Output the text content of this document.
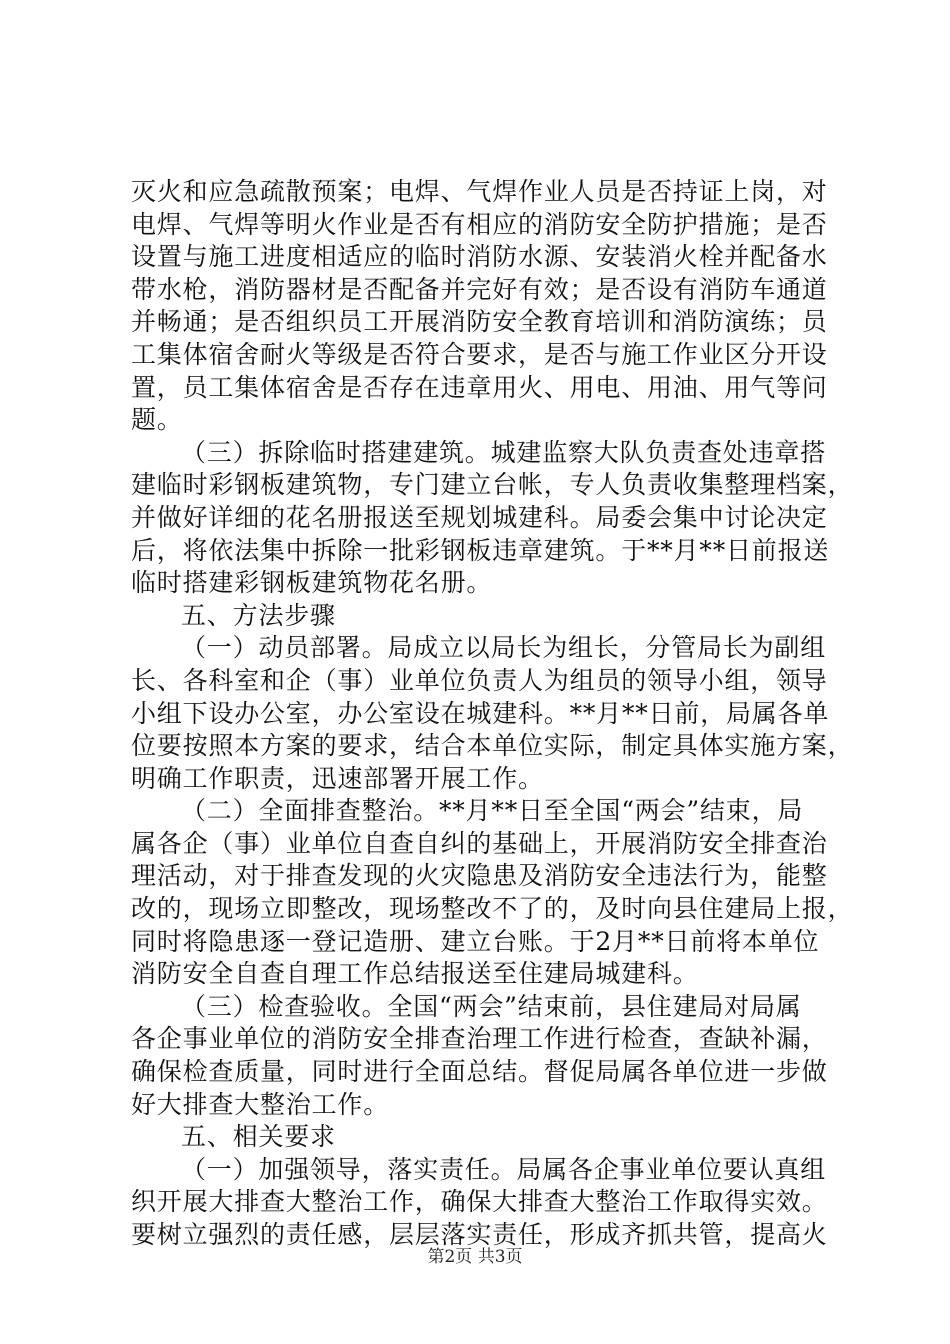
灭火和应急疏散预案；电焊、气焊作业人员是否持证上岗，对
电焊、气焊等明火作业是否有相应的消防安全防护措施；是否
设置与施工进度相适应的临时消防水源、安装消火栓并配备水
带水枪，消防器材是否配备并完好有效；是否设有消防车通道
并畅通；是否组织员工开展消防安全教育培训和消防演练；员
工集体宿舍耐火等级是否符合要求，是否与施工作业区分开设
置，员工集体宿舍是否存在违章用火、用电、用油、用气等问
题。
（三）拆除临时搭建建筑。城建监察大队负责查处违章搭
建临时彩钢板建筑物，专门建立台帐，专人负责收集整理档案，
并做好详细的花名册报送至规划城建科。局委会集中讨论决定
后，将依法集中拆除一批彩钢板违章建筑。于**月**日前报送
临时搭建彩钢板建筑物花名册。
五、方法步骤
（一）动员部署。局成立以局长为组长，分管局长为副组
长、各科室和企（事）业单位负责人为组员的领导小组，领导
小组下设办公室，办公室设在城建科。**月**日前，局属各单
位要按照本方案的要求，结合本单位实际，制定具体实施方案，
明确工作职责，迅速部署开展工作。
（二）全面排查整治。**月**日至全国“两会”结束，局
属各企（事）业单位自查自纠的基础上，开展消防安全排查治
理活动，对于排查发现的火灾隐患及消防安全违法行为，能整
改的，现场立即整改，现场整改不了的，及时向县住建局上报，
同时将隐患逐一登记造册、建立台账。于2月**日前将本单位
消防安全自查自理工作总结报送至住建局城建科。
（三）检查验收。全国“两会”结束前，县住建局对局属
各企事业单位的消防安全排查治理工作进行检查，查缺补漏，
确保检查质量，同时进行全面总结。督促局属各单位进一步做
好大排查大整治工作。
五、相关要求
（一）加强领导，落实责任。局属各企事业单位要认真组
织开展大排查大整治工作，确保大排查大整治工作取得实效。
要树立强烈的责任感，层层落实责任，形成齐抓共管，提高火
第2页 共3页
